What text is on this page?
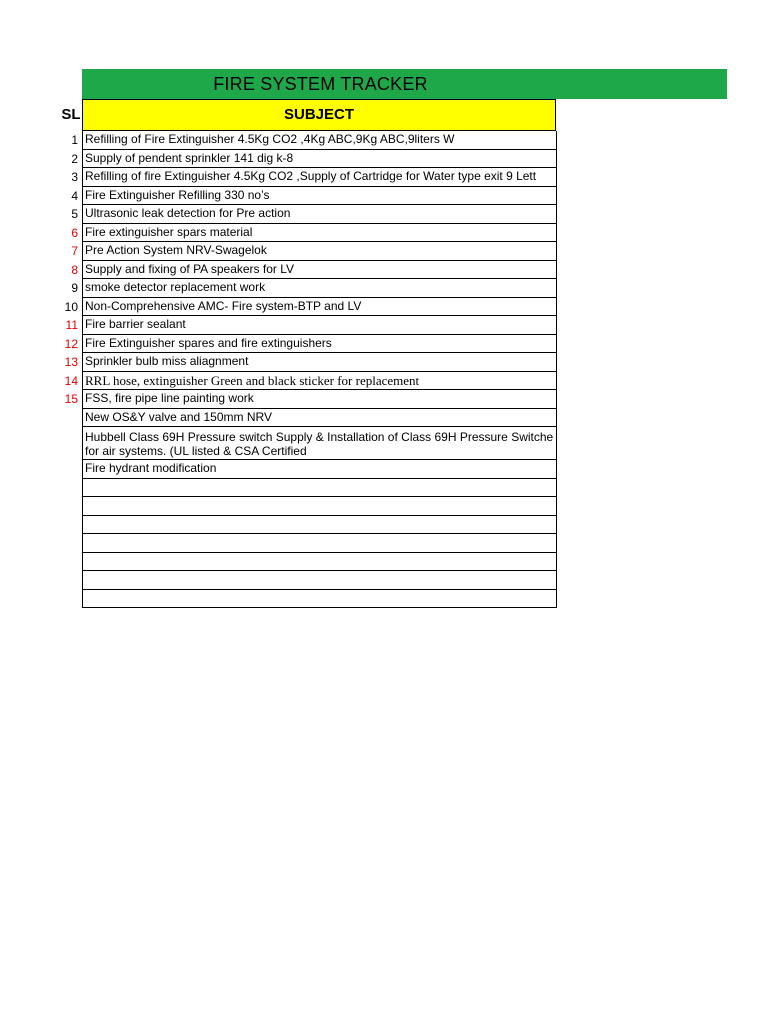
FIRE SYSTEM TRACKER
SL	SUBJECT
1 Refilling of Fire Extinguisher 4.5Kg CO2 ,4Kg ABC,9Kg ABC,9liters W
2 Supply of pendent sprinkler 141 dig k-8
3 Refilling of fire Extinguisher 4.5Kg CO2 ,Supply of Cartridge for Water type exit 9 Lett
4 Fire Extinguisher Refilling 330 no’s
5 Ultrasonic leak detection for Pre action
6 Fire extinguisher spars material
7 Pre Action System NRV-Swagelok
8 Supply and fixing of PA speakers for LV
9 smoke detector replacement work
10 Non-Comprehensive AMC- Fire system-BTP and LV
11 Fire barrier sealant
12 Fire Extinguisher spares and fire extinguishers
13 Sprinkler bulb miss aliagnment
14 RRL hose, extinguisher Green and black sticker for replacement
15 FSS, fire pipe line painting work
New OS&Y valve and 150mm NRV
Hubbell Class 69H Pressure switch Supply & Installation of Class 69H Pressure Switche for air systems. (UL listed & CSA Certified
Fire hydrant modification
